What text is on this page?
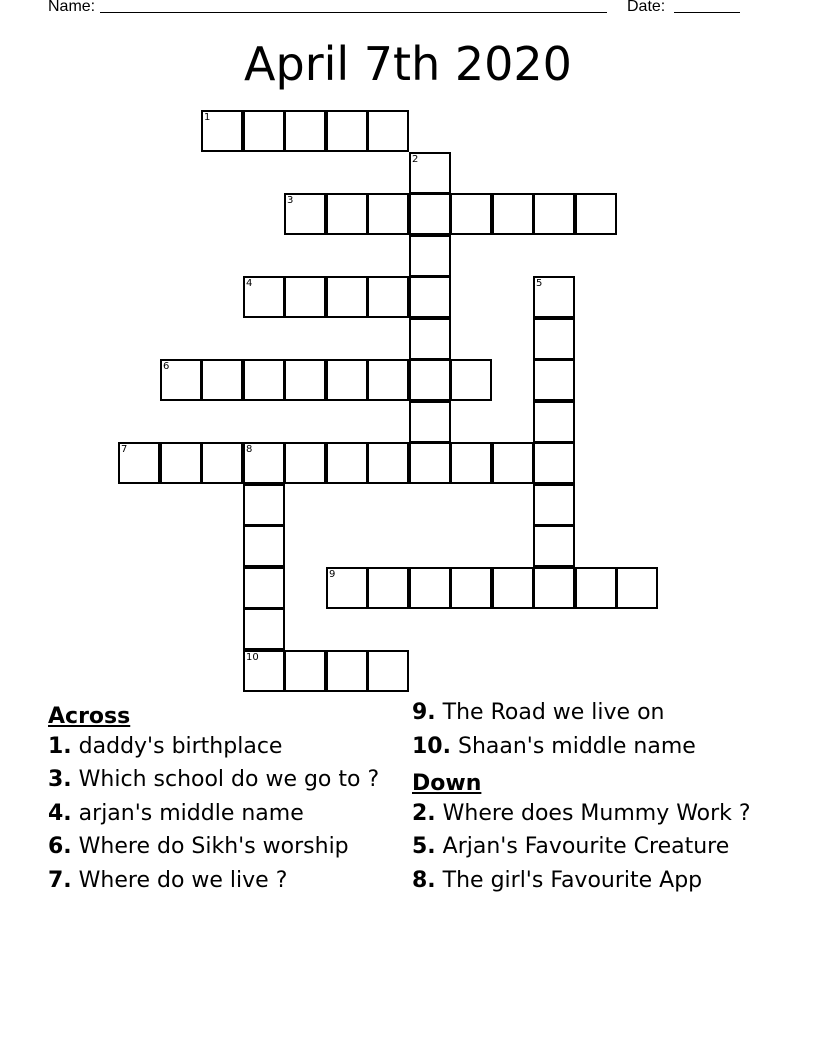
Name:	Date:
April 7th 2020
1
2
3
4	5
6
7	8
10
9
Across
1. daddy's birthplace
3. Which school do we go to ?
4. arjan's middle name
6. Where do Sikh's worship
7. Where do we live ?
9. The Road we live on
10. Shaan's middle name
Down
2. Where does Mummy Work ?
5. Arjan's Favourite Creature
8. The girl's Favourite App
